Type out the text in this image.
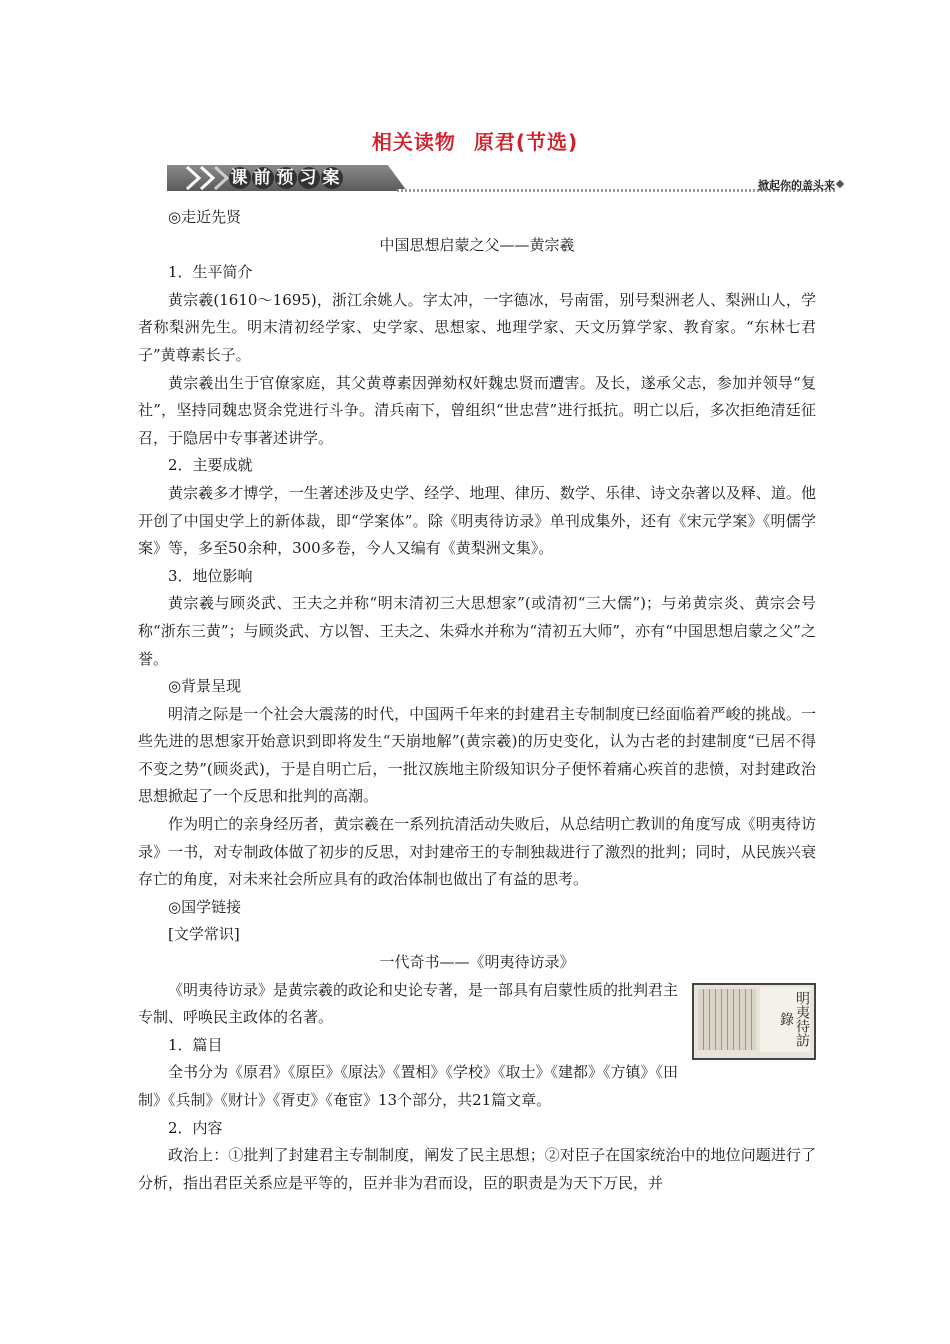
相关读物 原君(节选)
课 前 预 习 案	掀起你的盖头来

◎走近先贤

中国思想启蒙之父——黄宗羲

1．生平简介

黄宗羲(1610～1695)，浙江余姚人。字太冲，一字德冰，号南雷，别号梨洲老人、梨洲山人，学者称梨洲先生。明末清初经学家、史学家、思想家、地理学家、天文历算学家、教育家。“东林七君子”黄尊素长子。

黄宗羲出生于官僚家庭，其父黄尊素因弹劾权奸魏忠贤而遭害。及长，遂承父志，参加并领导“复社”，坚持同魏忠贤余党进行斗争。清兵南下，曾组织“世忠营”进行抵抗。明亡以后，多次拒绝清廷征召，于隐居中专事著述讲学。

2．主要成就

黄宗羲多才博学，一生著述涉及史学、经学、地理、律历、数学、乐律、诗文杂著以及释、道。他开创了中国史学上的新体裁，即“学案体”。除《明夷待访录》单刊成集外，还有《宋元学案》《明儒学案》等，多至50余种，300多卷，今人又编有《黄梨洲文集》。

3．地位影响

黄宗羲与顾炎武、王夫之并称“明末清初三大思想家”(或清初“三大儒”)；与弟黄宗炎、黄宗会号称“浙东三黄”；与顾炎武、方以智、王夫之、朱舜水并称为“清初五大师”，亦有“中国思想启蒙之父”之誉。

◎背景呈现

明清之际是一个社会大震荡的时代，中国两千年来的封建君主专制制度已经面临着严峻的挑战。一些先进的思想家开始意识到即将发生“天崩地解”(黄宗羲)的历史变化，认为古老的封建制度“已居不得不变之势”(顾炎武)，于是自明亡后，一批汉族地主阶级知识分子便怀着痛心疾首的悲愤，对封建政治思想掀起了一个反思和批判的高潮。

作为明亡的亲身经历者，黄宗羲在一系列抗清活动失败后，从总结明亡教训的角度写成《明夷待访录》一书，对专制政体做了初步的反思，对封建帝王的专制独裁进行了激烈的批判；同时，从民族兴衰存亡的角度，对未来社会所应具有的政治体制也做出了有益的思考。

◎国学链接

[文学常识]

一代奇书——《明夷待访录》

明夷待訪錄

《明夷待访录》是黄宗羲的政论和史论专著，是一部具有启蒙性质的批判君主专制、呼唤民主政体的名著。

1．篇目

全书分为《原君》《原臣》《原法》《置相》《学校》《取士》《建都》《方镇》《田制》《兵制》《财计》《胥吏》《奄宦》13个部分，共21篇文章。

2．内容

政治上：①批判了封建君主专制制度，阐发了民主思想；②对臣子在国家统治中的地位问题进行了分析，指出君臣关系应是平等的，臣并非为君而设，臣的职责是为天下万民，并
